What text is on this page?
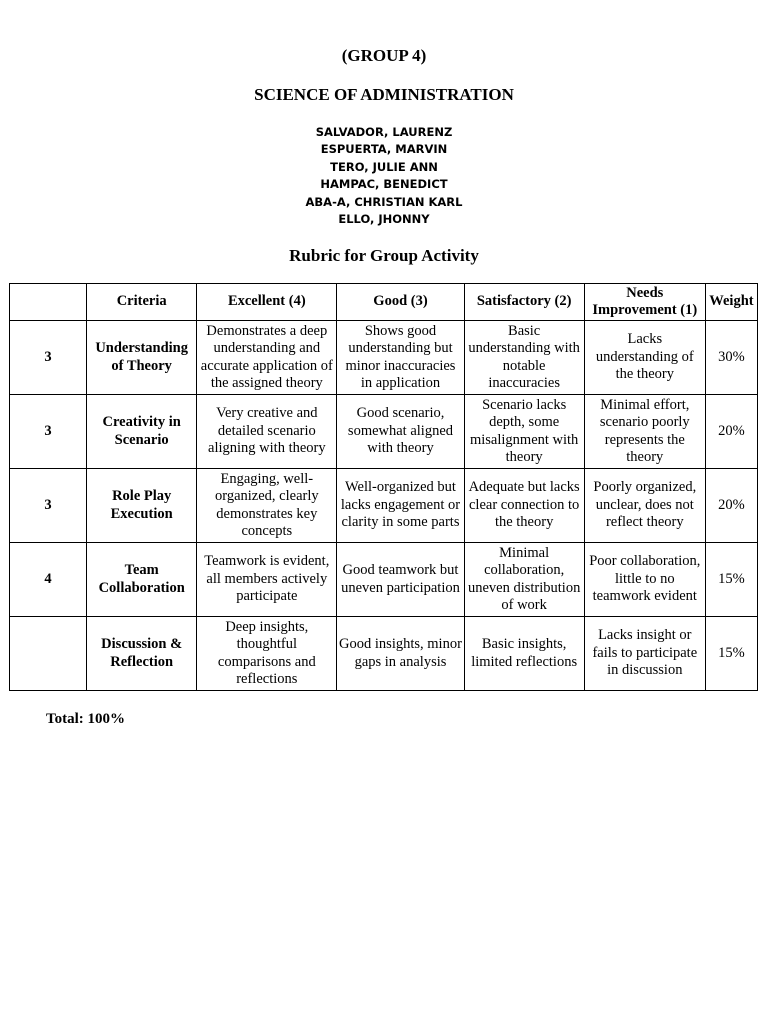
(GROUP 4)
SCIENCE OF ADMINISTRATION
SALVADOR, LAURENZ
ESPUERTA, MARVIN
TERO, JULIE ANN
HAMPAC, BENEDICT
ABA-A, CHRISTIAN KARL
ELLO, JHONNY
Rubric for Group Activity
	Criteria	Excellent (4)	Good (3)	Satisfactory (2)	Needs Improvement (1)	Weight
3	Understanding of Theory	Demonstrates a deep understanding and accurate application of the assigned theory	Shows good understanding but minor inaccuracies in application	Basic understanding with notable inaccuracies	Lacks understanding of the theory	30%
3	Creativity in Scenario	Very creative and detailed scenario aligning with theory	Good scenario, somewhat aligned with theory	Scenario lacks depth, some misalignment with theory	Minimal effort, scenario poorly represents the theory	20%
3	Role Play Execution	Engaging, well-organized, clearly demonstrates key concepts	Well-organized but lacks engagement or clarity in some parts	Adequate but lacks clear connection to the theory	Poorly organized, unclear, does not reflect theory	20%
4	Team Collaboration	Teamwork is evident, all members actively participate	Good teamwork but uneven participation	Minimal collaboration, uneven distribution of work	Poor collaboration, little to no teamwork evident	15%
	Discussion & Reflection	Deep insights, thoughtful comparisons and reflections	Good insights, minor gaps in analysis	Basic insights, limited reflections	Lacks insight or fails to participate in discussion	15%
Total: 100%
